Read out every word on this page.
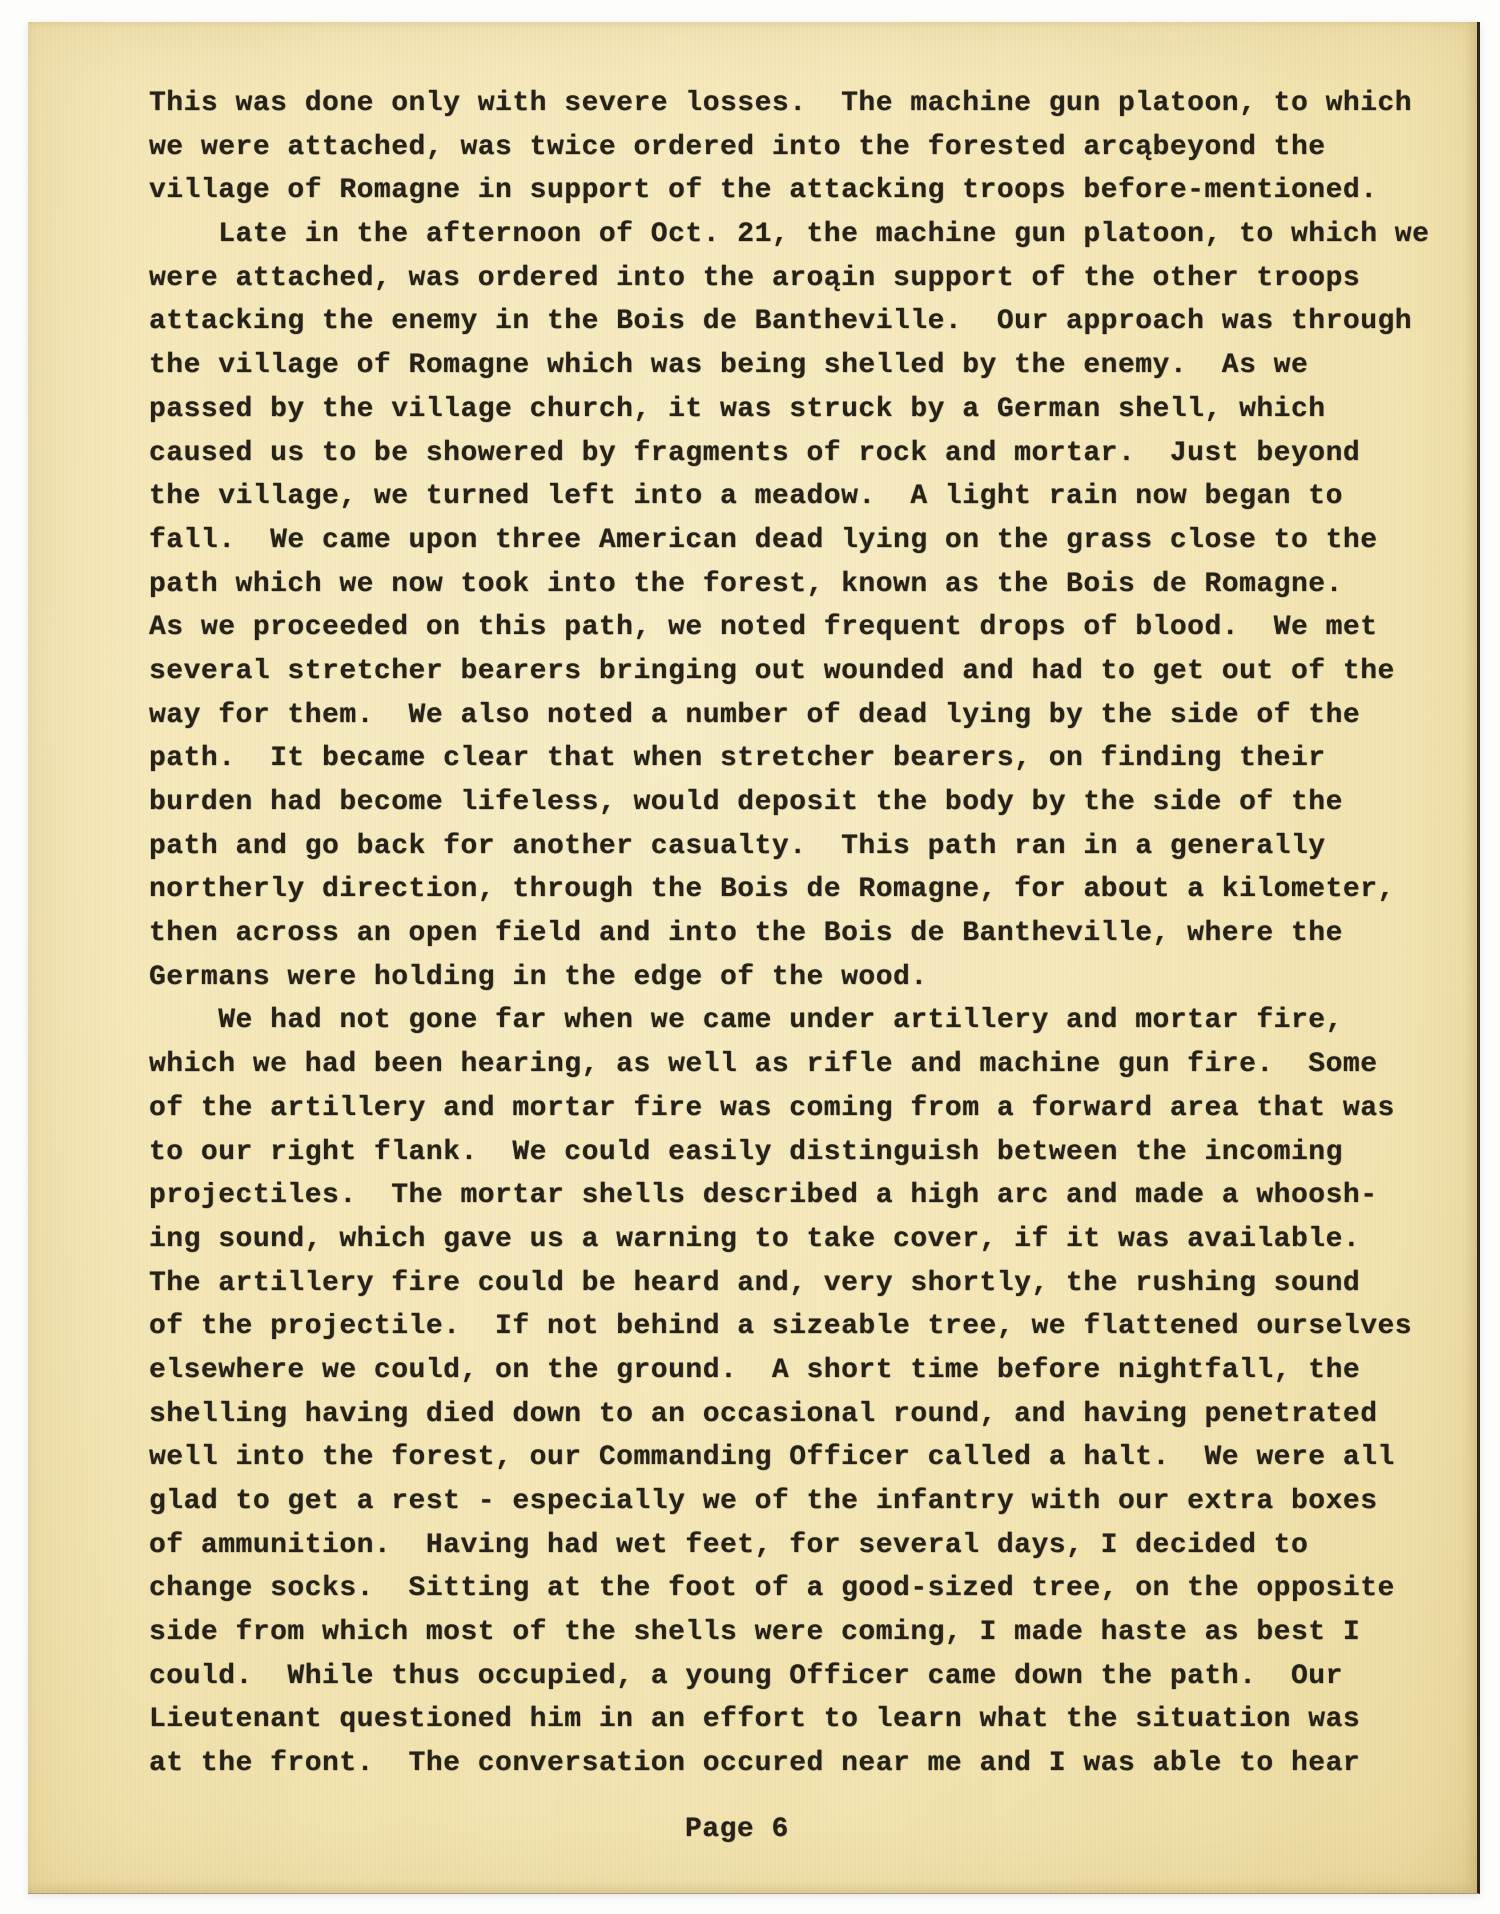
This was done only with severe losses.  The machine gun platoon, to which
we were attached, was twice ordered into the forested arcąbeyond the
village of Romagne in support of the attacking troops before-mentioned.
Late in the afternoon of Oct. 21, the machine gun platoon, to which we
were attached, was ordered into the aroąin support of the other troops
attacking the enemy in the Bois de Bantheville.  Our approach was through
the village of Romagne which was being shelled by the enemy.  As we
passed by the village church, it was struck by a German shell, which
caused us to be showered by fragments of rock and mortar.  Just beyond
the village, we turned left into a meadow.  A light rain now began to
fall.  We came upon three American dead lying on the grass close to the
path which we now took into the forest, known as the Bois de Romagne.
As we proceeded on this path, we noted frequent drops of blood.  We met
several stretcher bearers bringing out wounded and had to get out of the
way for them.  We also noted a number of dead lying by the side of the
path.  It became clear that when stretcher bearers, on finding their
burden had become lifeless, would deposit the body by the side of the
path and go back for another casualty.  This path ran in a generally
northerly direction, through the Bois de Romagne, for about a kilometer,
then across an open field and into the Bois de Bantheville, where the
Germans were holding in the edge of the wood.
We had not gone far when we came under artillery and mortar fire,
which we had been hearing, as well as rifle and machine gun fire.  Some
of the artillery and mortar fire was coming from a forward area that was
to our right flank.  We could easily distinguish between the incoming
projectiles.  The mortar shells described a high arc and made a whoosh-
ing sound, which gave us a warning to take cover, if it was available.
The artillery fire could be heard and, very shortly, the rushing sound
of the projectile.  If not behind a sizeable tree, we flattened ourselves
elsewhere we could, on the ground.  A short time before nightfall, the
shelling having died down to an occasional round, and having penetrated
well into the forest, our Commanding Officer called a halt.  We were all
glad to get a rest - especially we of the infantry with our extra boxes
of ammunition.  Having had wet feet, for several days, I decided to
change socks.  Sitting at the foot of a good-sized tree, on the opposite
side from which most of the shells were coming, I made haste as best I
could.  While thus occupied, a young Officer came down the path.  Our
Lieutenant questioned him in an effort to learn what the situation was
at the front.  The conversation occured near me and I was able to hear
Page 6
